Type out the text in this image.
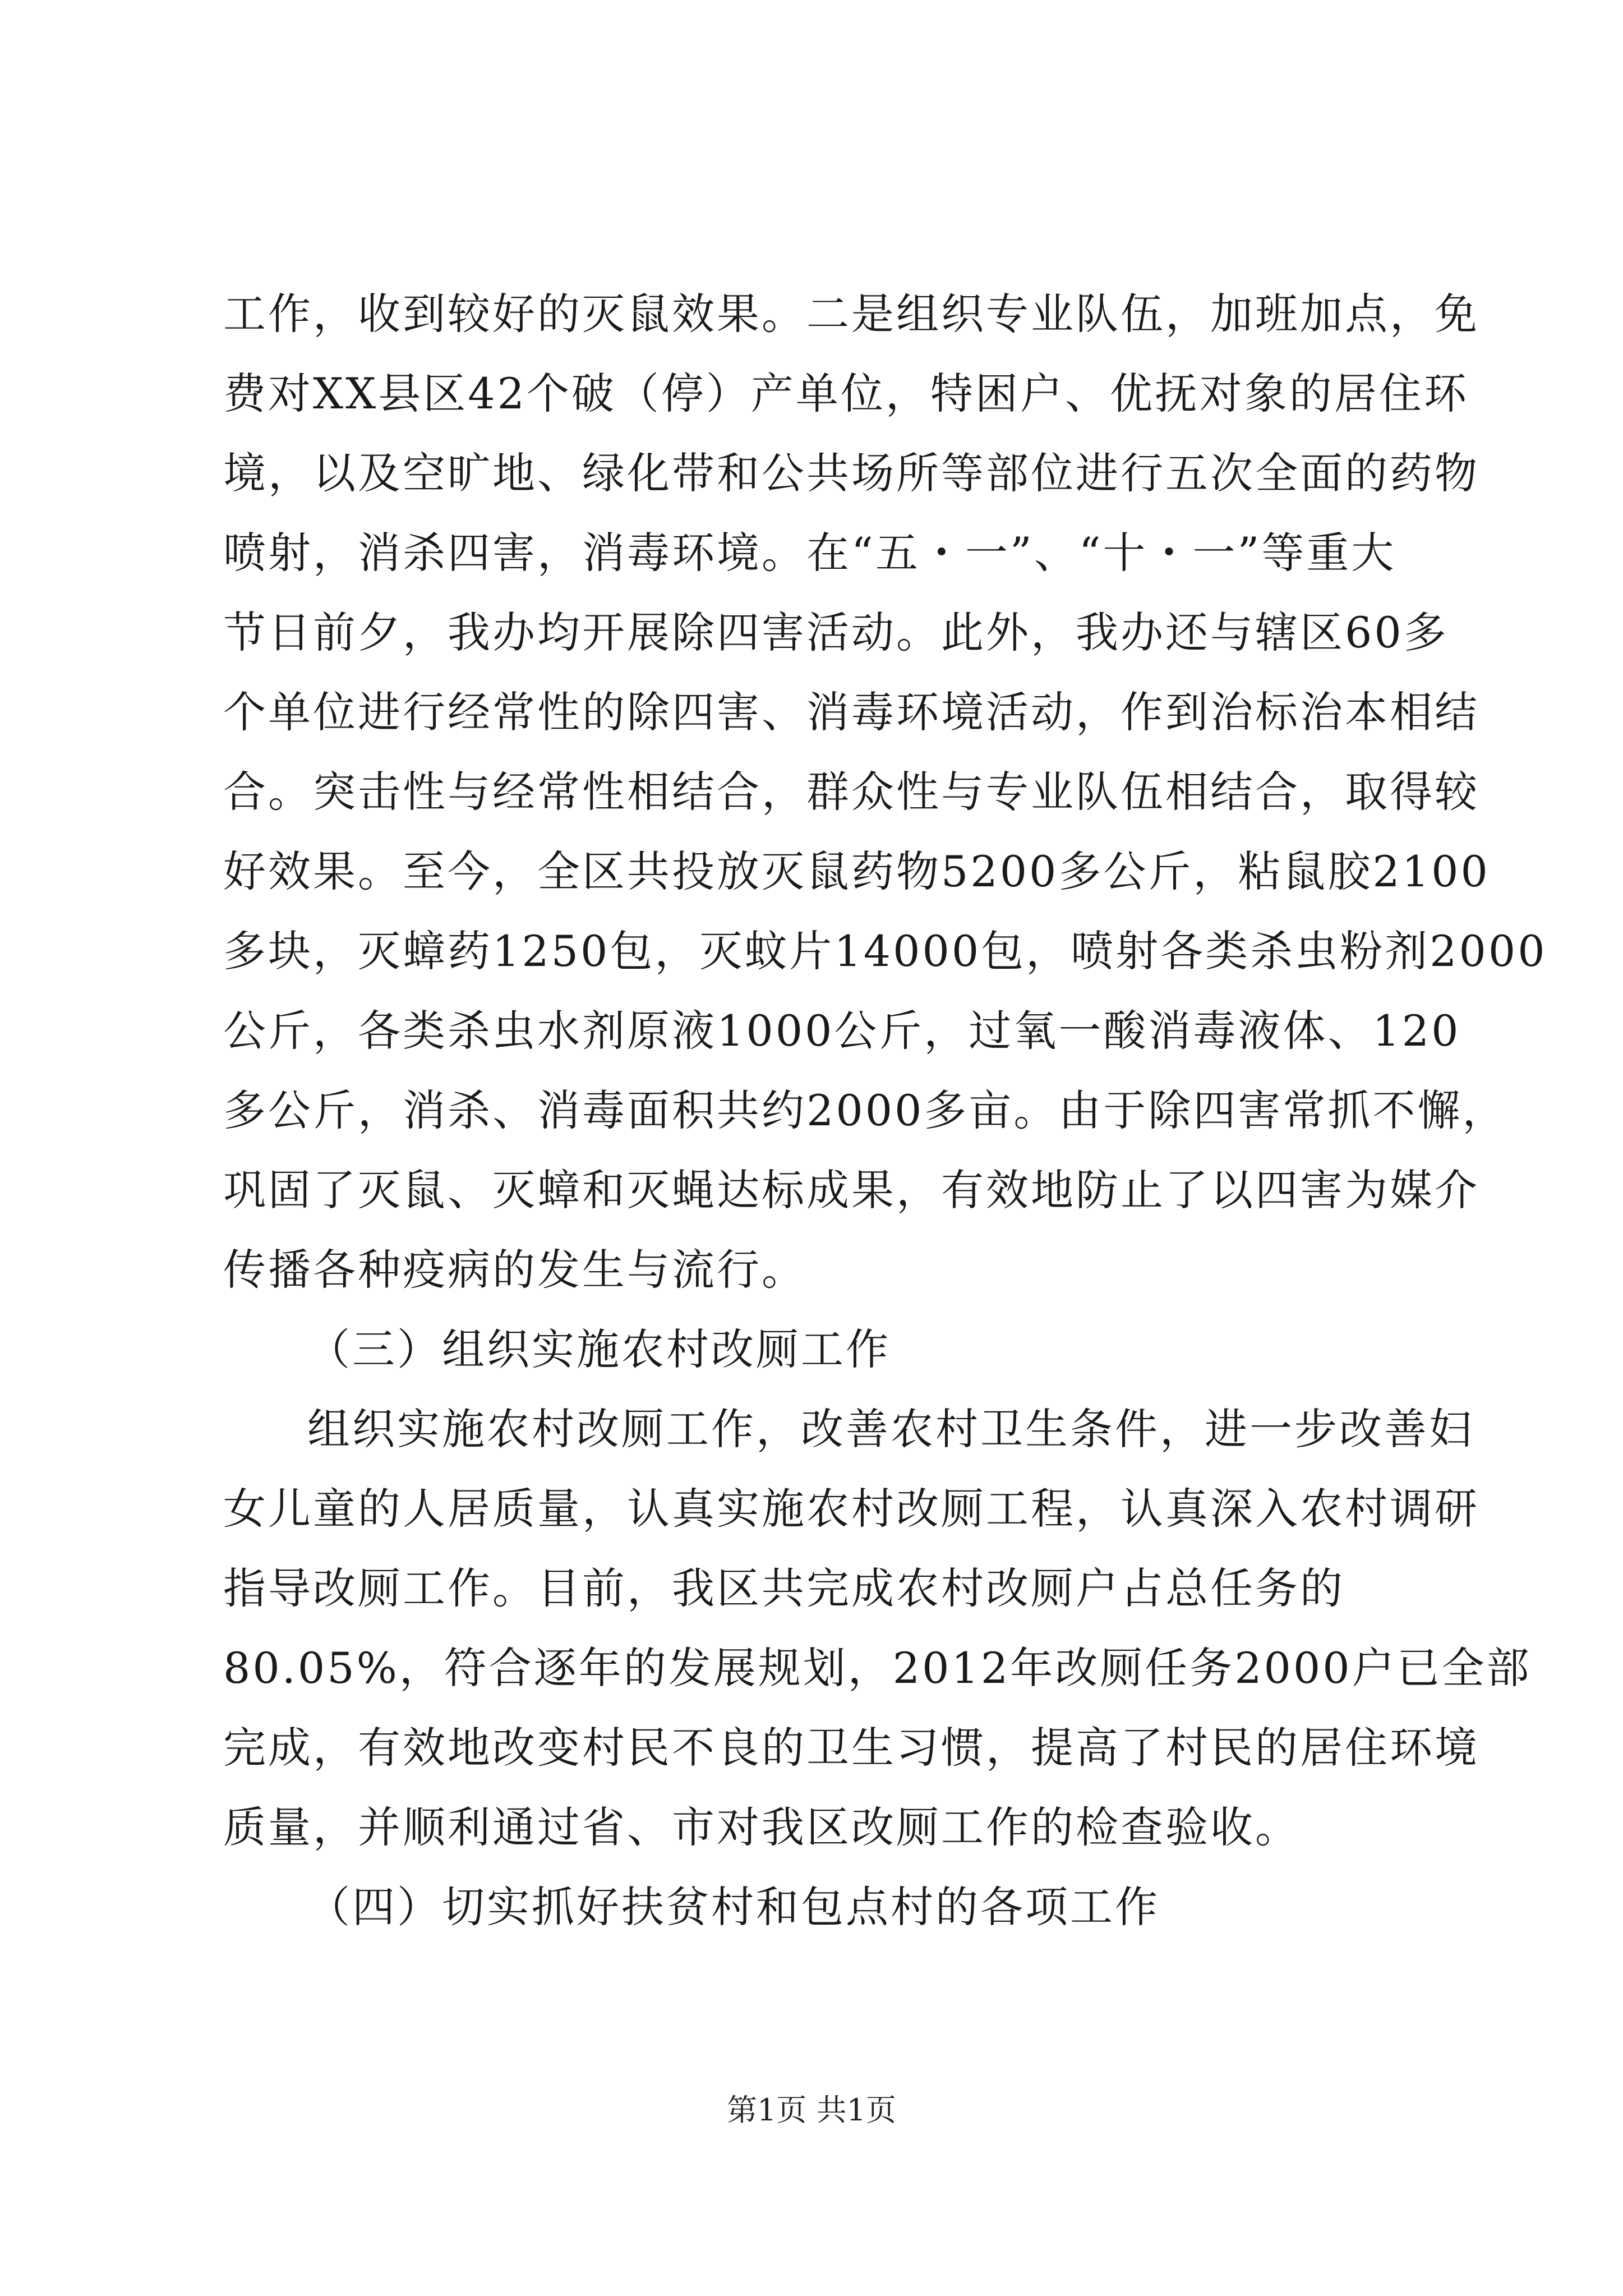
工作，收到较好的灭鼠效果。二是组织专业队伍，加班加点，免
费对XX县区42个破（停）产单位，特困户、优抚对象的居住环
境，以及空旷地、绿化带和公共场所等部位进行五次全面的药物
喷射，消杀四害，消毒环境。在“五・一”、“十・一”等重大
节日前夕，我办均开展除四害活动。此外，我办还与辖区60多
个单位进行经常性的除四害、消毒环境活动，作到治标治本相结
合。突击性与经常性相结合，群众性与专业队伍相结合，取得较
好效果。至今，全区共投放灭鼠药物5200多公斤，粘鼠胶2100
多块，灭蟑药1250包，灭蚊片14000包，喷射各类杀虫粉剂2000
公斤，各类杀虫水剂原液1000公斤，过氧一酸消毒液体、120
多公斤，消杀、消毒面积共约2000多亩。由于除四害常抓不懈，
巩固了灭鼠、灭蟑和灭蝇达标成果，有效地防止了以四害为媒介
传播各种疫病的发生与流行。
（三）组织实施农村改厕工作
组织实施农村改厕工作，改善农村卫生条件，进一步改善妇
女儿童的人居质量，认真实施农村改厕工程，认真深入农村调研
指导改厕工作。目前，我区共完成农村改厕户占总任务的
80.05%，符合逐年的发展规划，2012年改厕任务2000户已全部
完成，有效地改变村民不良的卫生习惯，提高了村民的居住环境
质量，并顺利通过省、市对我区改厕工作的检查验收。
（四）切实抓好扶贫村和包点村的各项工作
第1页 共1页
